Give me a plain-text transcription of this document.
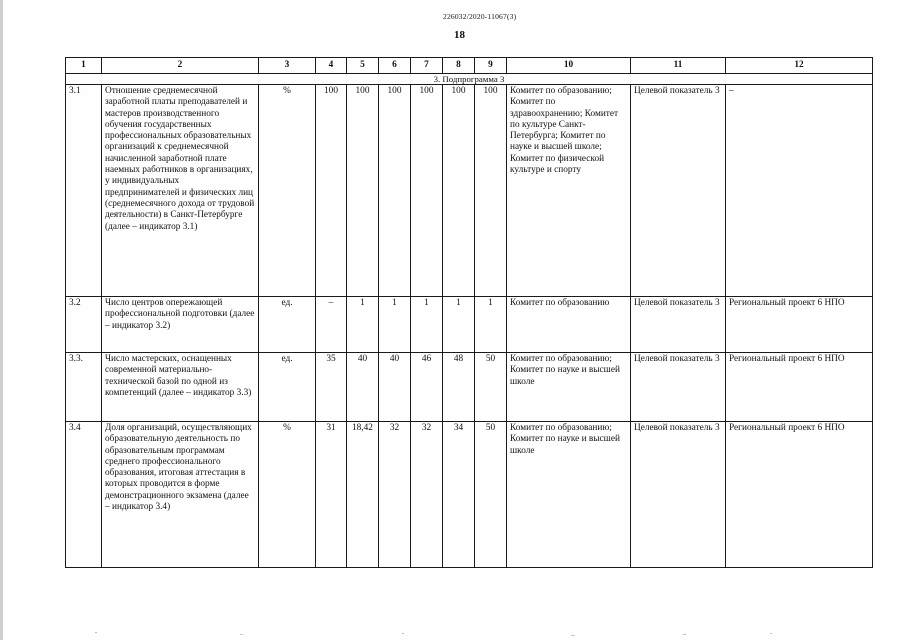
226032/2020-11067(3)
18
1	2	3	4	5	6	7	8	9	10	11	12
3. Подпрограмма 3											
3.1	Отношение среднемесячной заработной платы преподавателей и мастеров производственного обучения государственных профессиональных образовательных организаций к среднемесячной начисленной заработной плате наемных работников в организациях, у индивидуальных предпринимателей и физических лиц (среднемесячного дохода от трудовой деятельности) в Санкт-Петербурге (далее – индикатор 3.1)	%	100	100	100	100	100	100	Комитет по образованию; Комитет по здравоохранению; Комитет по культуре Санкт-Петербурга; Комитет по науке и высшей школе; Комитет по физической культуре и спорту	Целевой показатель 3	–
3.2	Число центров опережающей профессиональной подготовки (далее – индикатор 3.2)	ед.	–	1	1	1	1	1	Комитет по образованию	Целевой показатель 3	Региональный проект 6 НПО
3.3.	Число мастерских, оснащенных современной материально-технической базой по одной из компетенций (далее – индикатор 3.3)	ед.	35	40	40	46	48	50	Комитет по образованию; Комитет по науке и высшей школе	Целевой показатель 3	Региональный проект 6 НПО
3.4	Доля организаций, осуществляющих образовательную деятельность по образовательным программам среднего профессионального образования, итоговая аттестация в которых проводится в форме демонстрационного экзамена (далее – индикатор 3.4)	%	31	18,42	32	32	34	50	Комитет по образованию; Комитет по науке и высшей школе	Целевой показатель 3	Региональный проект 6 НПО
